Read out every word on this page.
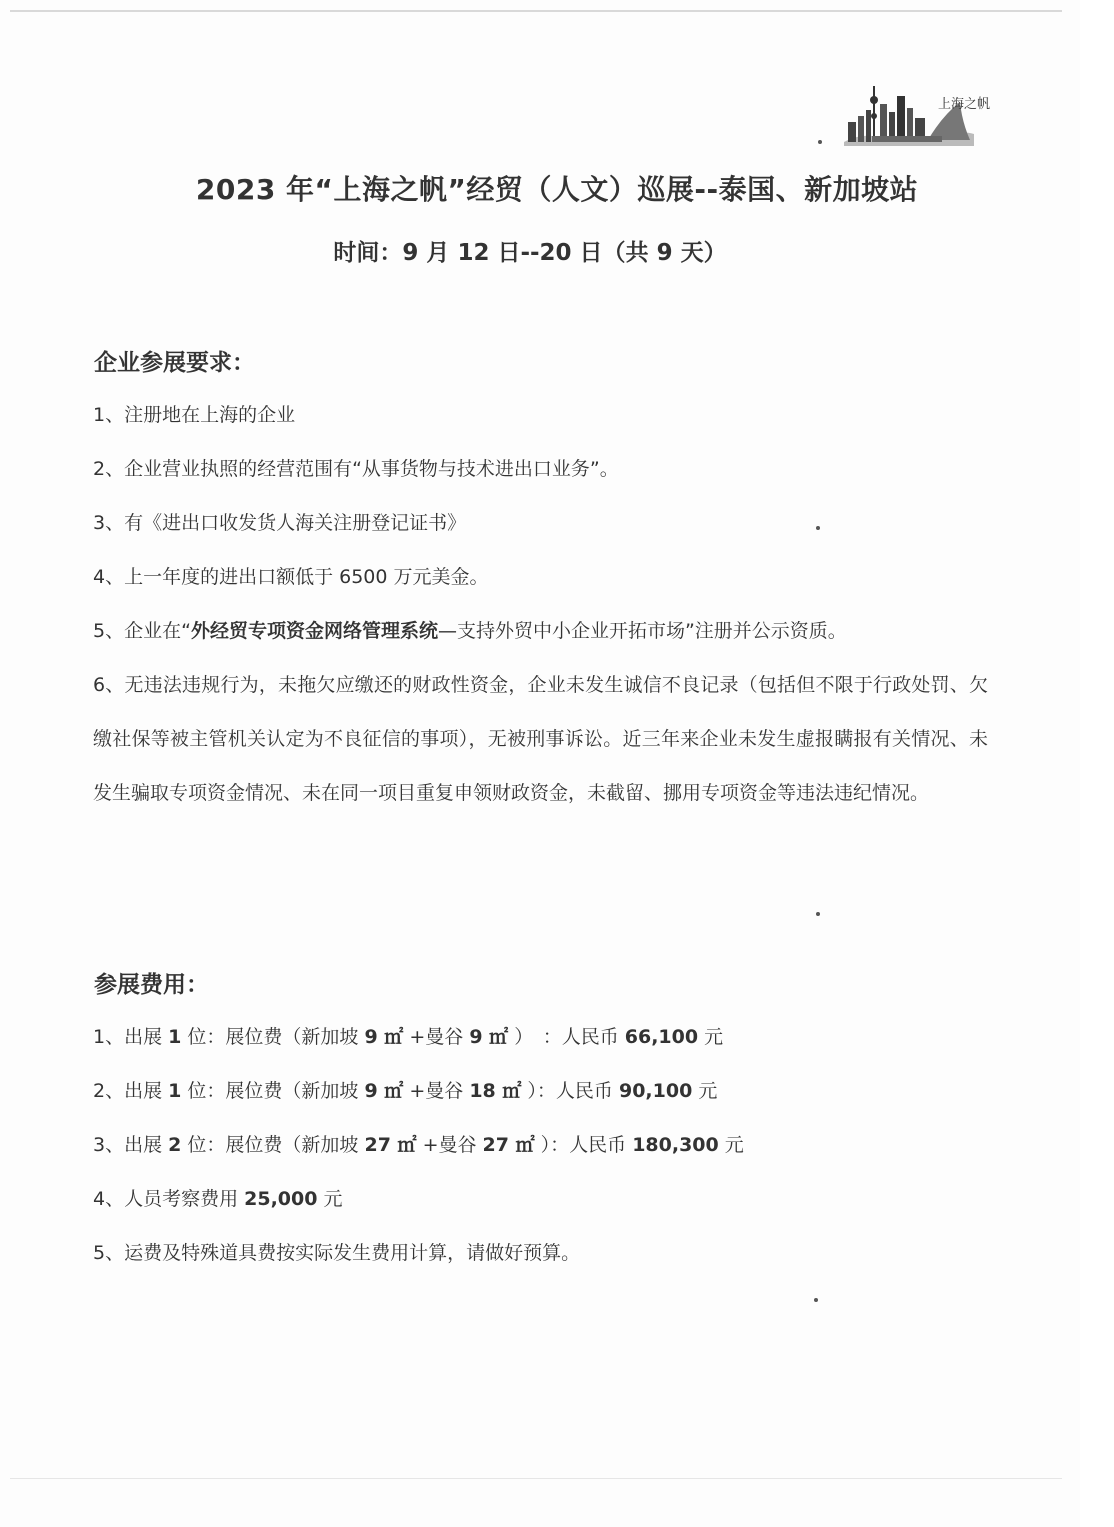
上海之帆
2023 年“上海之帆”经贸（人文）巡展--泰国、新加坡站
时间：9 月 12 日--20 日（共 9 天）
企业参展要求：
1、注册地在上海的企业
2、企业营业执照的经营范围有“从事货物与技术进出口业务”。
3、有《进出口收发货人海关注册登记证书》
4、上一年度的进出口额低于 6500 万元美金。
5、企业在“外经贸专项资金网络管理系统—支持外贸中小企业开拓市场”注册并公示资质。
6、无违法违规行为，未拖欠应缴还的财政性资金，企业未发生诚信不良记录（包括但不限于行政处罚、欠缴社保等被主管机关认定为不良征信的事项），无被刑事诉讼。近三年来企业未发生虚报瞒报有关情况、未发生骗取专项资金情况、未在同一项目重复申领财政资金，未截留、挪用专项资金等违法违纪情况。
参展费用：
1、出展 1 位：展位费（新加坡 9 ㎡ +曼谷 9 ㎡ ）　：人民币 66,100 元
2、出展 1 位：展位费（新加坡 9 ㎡ +曼谷 18 ㎡ ）：人民币 90,100 元
3、出展 2 位：展位费（新加坡 27 ㎡ +曼谷 27 ㎡ ）：人民币 180,300 元
4、人员考察费用 25,000 元
5、运费及特殊道具费按实际发生费用计算，请做好预算。
